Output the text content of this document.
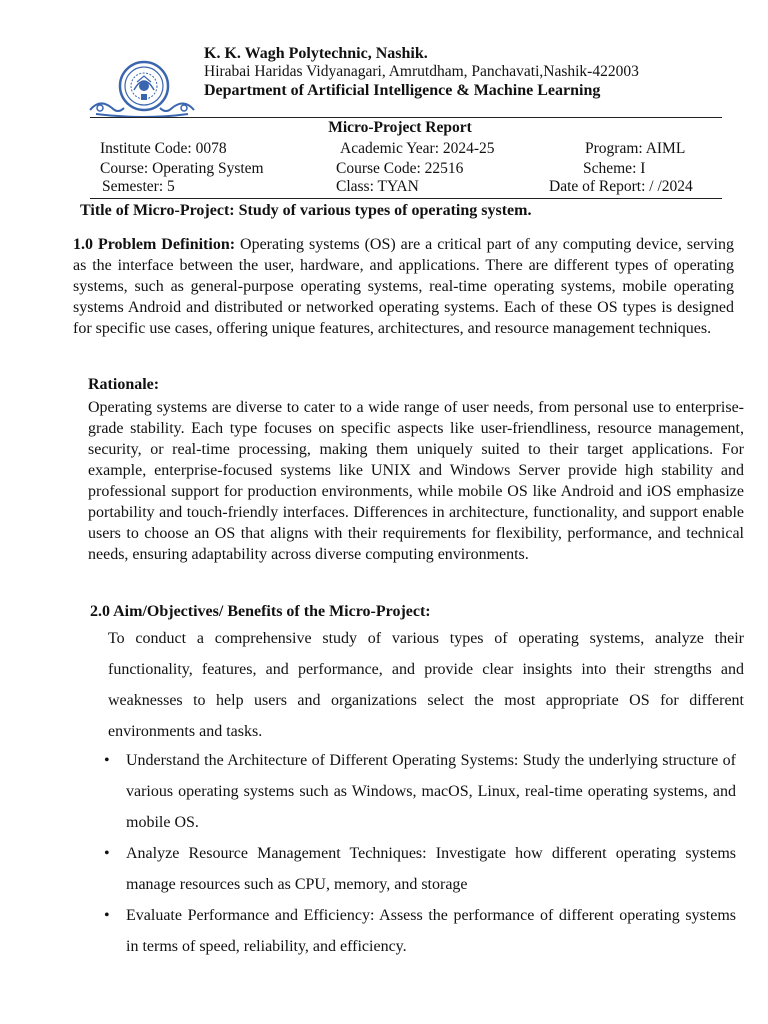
K. K. Wagh Polytechnic, Nashik.
Hirabai Haridas Vidyanagari, Amrutdham, Panchavati,Nashik-422003
Department of Artificial Intelligence & Machine Learning
Micro-Project Report
Institute Code: 0078	Academic Year: 2024-25	Program: AIML
Course: Operating System	Course Code: 22516	Scheme: I
Semester: 5	Class: TYAN	Date of Report: / /2024
Title of Micro-Project: Study of various types of operating system.
1.0 Problem Definition: Operating systems (OS) are a critical part of any computing device, serving as the interface between the user, hardware, and applications. There are different types of operating systems, such as general-purpose operating systems, real-time operating systems, mobile operating systems Android and distributed or networked operating systems. Each of these OS types is designed for specific use cases, offering unique features, architectures, and resource management techniques.
Rationale:
Operating systems are diverse to cater to a wide range of user needs, from personal use to enterprise-grade stability. Each type focuses on specific aspects like user-friendliness, resource management, security, or real-time processing, making them uniquely suited to their target applications. For example, enterprise-focused systems like UNIX and Windows Server provide high stability and professional support for production environments, while mobile OS like Android and iOS emphasize portability and touch-friendly interfaces. Differences in architecture, functionality, and support enable users to choose an OS that aligns with their requirements for flexibility, performance, and technical needs, ensuring adaptability across diverse computing environments.
2.0 Aim/Objectives/ Benefits of the Micro-Project:
To conduct a comprehensive study of various types of operating systems, analyze their functionality, features, and performance, and provide clear insights into their strengths and weaknesses to help users and organizations select the most appropriate OS for different environments and tasks.
• Understand the Architecture of Different Operating Systems: Study the underlying structure of various operating systems such as Windows, macOS, Linux, real-time operating systems, and mobile OS.
• Analyze Resource Management Techniques: Investigate how different operating systems manage resources such as CPU, memory, and storage
• Evaluate Performance and Efficiency: Assess the performance of different operating systems in terms of speed, reliability, and efficiency.
